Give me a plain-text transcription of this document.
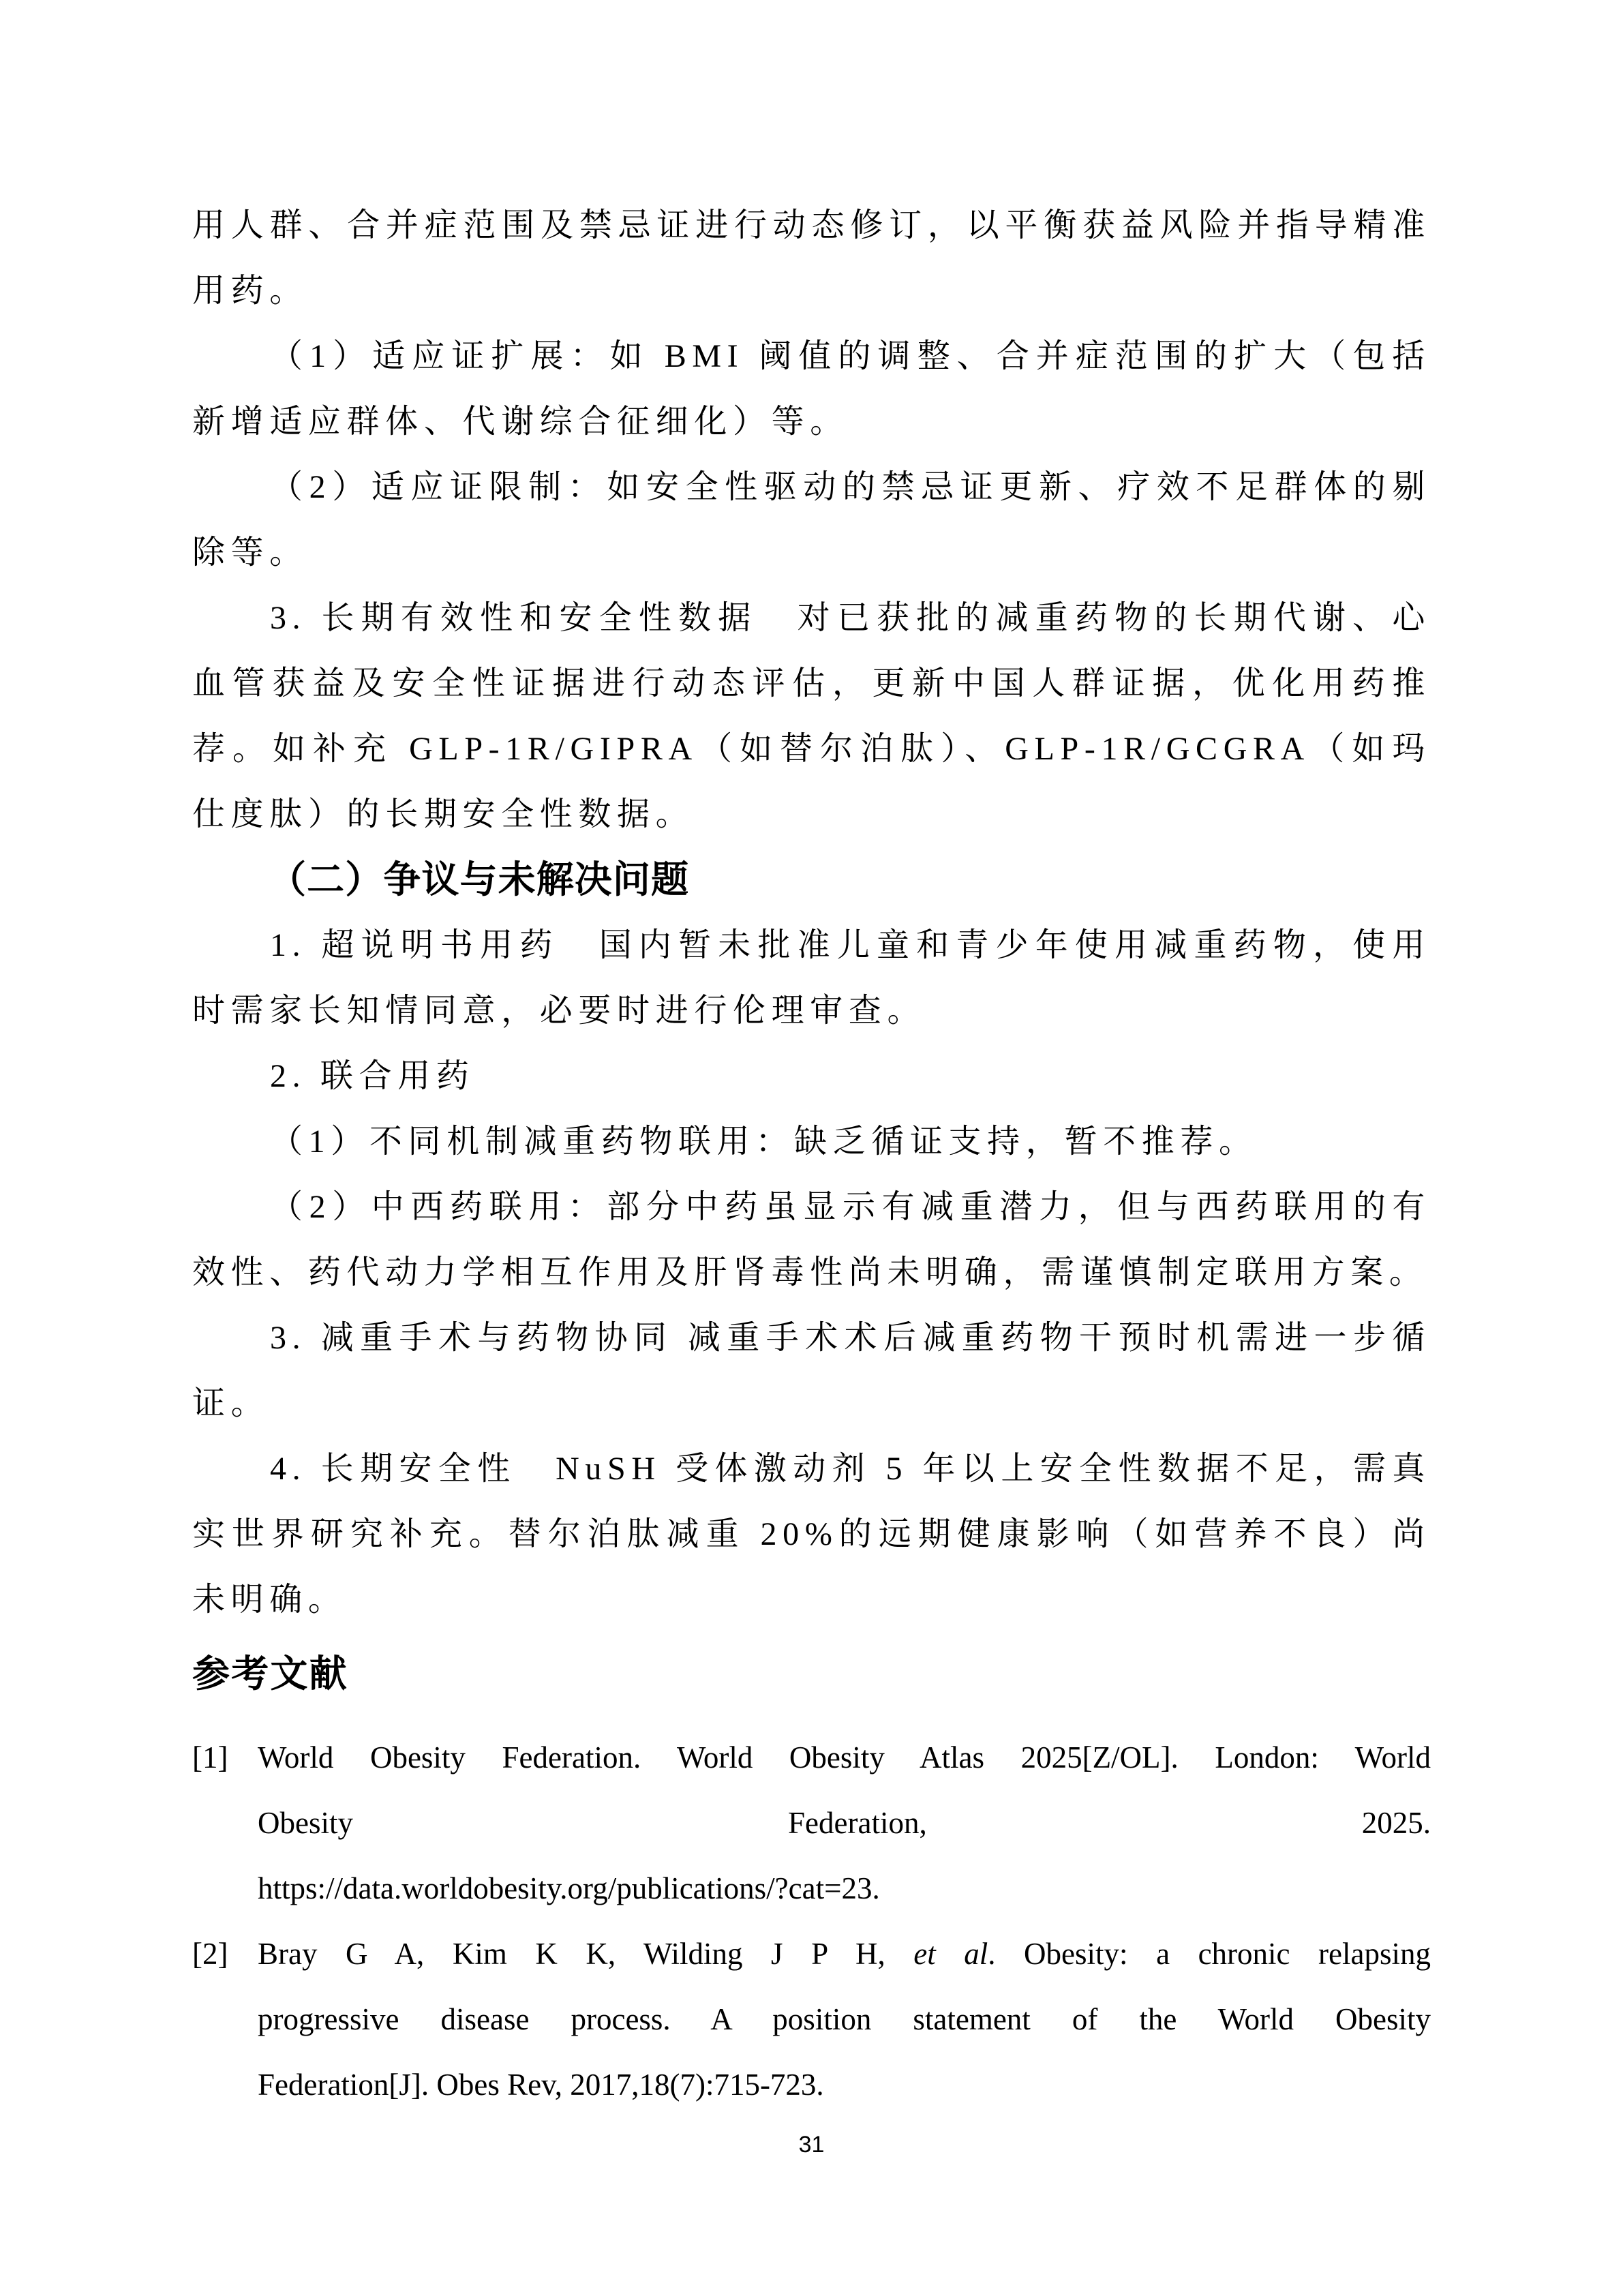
用人群、合并症范围及禁忌证进行动态修订，以平衡获益风险并指导精准用药。

（1）适应证扩展：如 BMI 阈值的调整、合并症范围的扩大（包括新增适应群体、代谢综合征细化）等。

（2）适应证限制：如安全性驱动的禁忌证更新、疗效不足群体的剔除等。

3. 长期有效性和安全性数据　对已获批的减重药物的长期代谢、心血管获益及安全性证据进行动态评估，更新中国人群证据，优化用药推荐。如补充 GLP-1R/GIPRA（如替尔泊肽）、GLP-1R/GCGRA（如玛仕度肽）的长期安全性数据。

（二）争议与未解决问题

1. 超说明书用药　国内暂未批准儿童和青少年使用减重药物，使用时需家长知情同意，必要时进行伦理审查。

2. 联合用药

（1）不同机制减重药物联用：缺乏循证支持，暂不推荐。

（2）中西药联用：部分中药虽显示有减重潜力，但与西药联用的有效性、药代动力学相互作用及肝肾毒性尚未明确，需谨慎制定联用方案。

3. 减重手术与药物协同 减重手术术后减重药物干预时机需进一步循证。

4. 长期安全性　NuSH 受体激动剂 5 年以上安全性数据不足，需真实世界研究补充。替尔泊肽减重 20%的远期健康影响（如营养不良）尚未明确。

参考文献
[1] World Obesity Federation. World Obesity Atlas 2025[Z/OL]. London: World
Obesity	Federation,	2025.
https://data.worldobesity.org/publications/?cat=23.
[2] Bray G A, Kim K K, Wilding J P H, et al. Obesity: a chronic relapsing
progressive disease process. A position statement of the World Obesity
Federation[J]. Obes Rev, 2017,18(7):715-723.
31
